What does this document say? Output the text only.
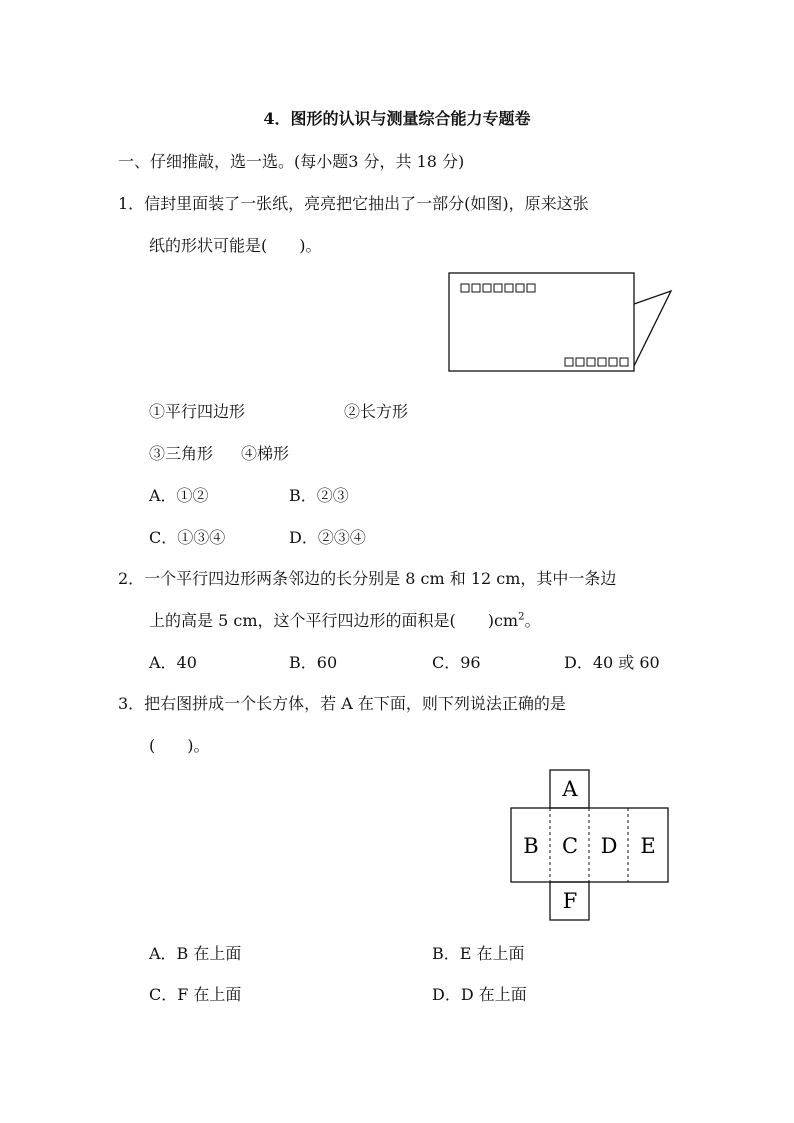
4．图形的认识与测量综合能力专题卷
一、仔细推敲，选一选。(每小题3 分，共 18 分)
1．信封里面装了一张纸，亮亮把它抽出了一部分(如图)，原来这张
纸的形状可能是(　　)。
①平行四边形	②长方形
③三角形 ④梯形
A．①②	B．②③
C．①③④	D．②③④
2．一个平行四边形两条邻边的长分别是 8 cm 和 12 cm，其中一条边
上的高是 5 cm，这个平行四边形的面积是(　　)$cm^2$。
A．40	B．60	C．96	D．40 或 60
3．把右图拼成一个长方体，若 A 在下面，则下列说法正确的是
(　　)。
A
B C D E
F
A．B 在上面	B．E 在上面
C．F 在上面	D．D 在上面
